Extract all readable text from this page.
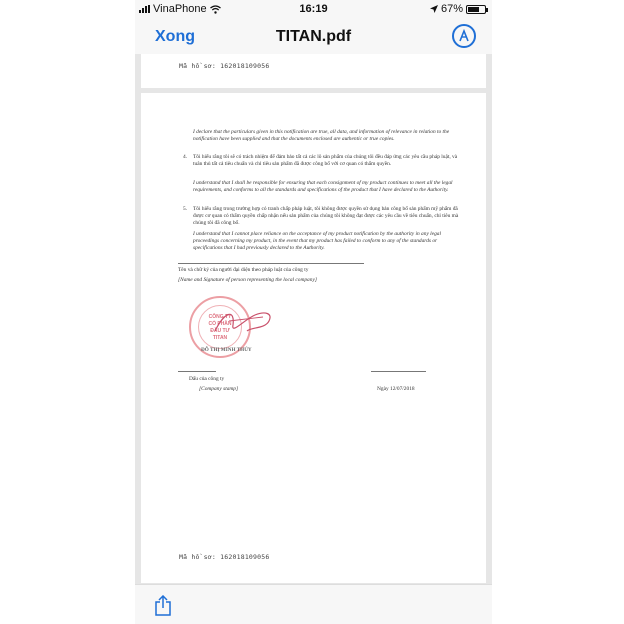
VinaPhone	16:19	67%
Xong	TITAN.pdf
Mã hồ sơ: 162018109056
I declare that the particulars given in this notification are true, all data, and information of relevance in relation to the notification have been supplied and that the documents enclosed are authentic or true copies.
4. Tôi hiểu rằng tôi sẽ có trách nhiệm để đảm bảo tất cả các lô sản phẩm của chúng tôi đều đáp ứng các yêu cầu pháp luật, và tuân thủ tất cả tiêu chuẩn và chỉ tiêu sản phẩm đã được công bố với cơ quan có thẩm quyền.
I understand that I shall be responsible for ensuring that each consignment of my product continues to meet all the legal requirements, and conforms to all the standards and specifications of the product that I have declared to the Authority.
5. Tôi hiểu rằng trong trường hợp có tranh chấp pháp luật, tôi không được quyền sử dụng bản công bố sản phẩm mỹ phẩm đã được cơ quan có thẩm quyền chấp nhận nếu sản phẩm của chúng tôi không đạt được các yêu cầu về tiêu chuẩn, chỉ tiêu mà chúng tôi đã công bố.
I understand that I cannot place reliance on the acceptance of my product notification by the authority in any legal proceedings concerning my product, in the event that my product has failed to conform to any of the standards or specifications that I had previously declared to the Authority.
Tên và chữ ký của người đại diện theo pháp luật của công ty
[Name and Signature of person representing the local company]
CÔNG TY
CỔ PHẦN
ĐẦU TƯ
TITAN
ĐỖ THỊ MINH THÚY
Dấu của công ty
[Company stamp]	Ngày 12/07/2018
Mã hồ sơ: 162018109056
